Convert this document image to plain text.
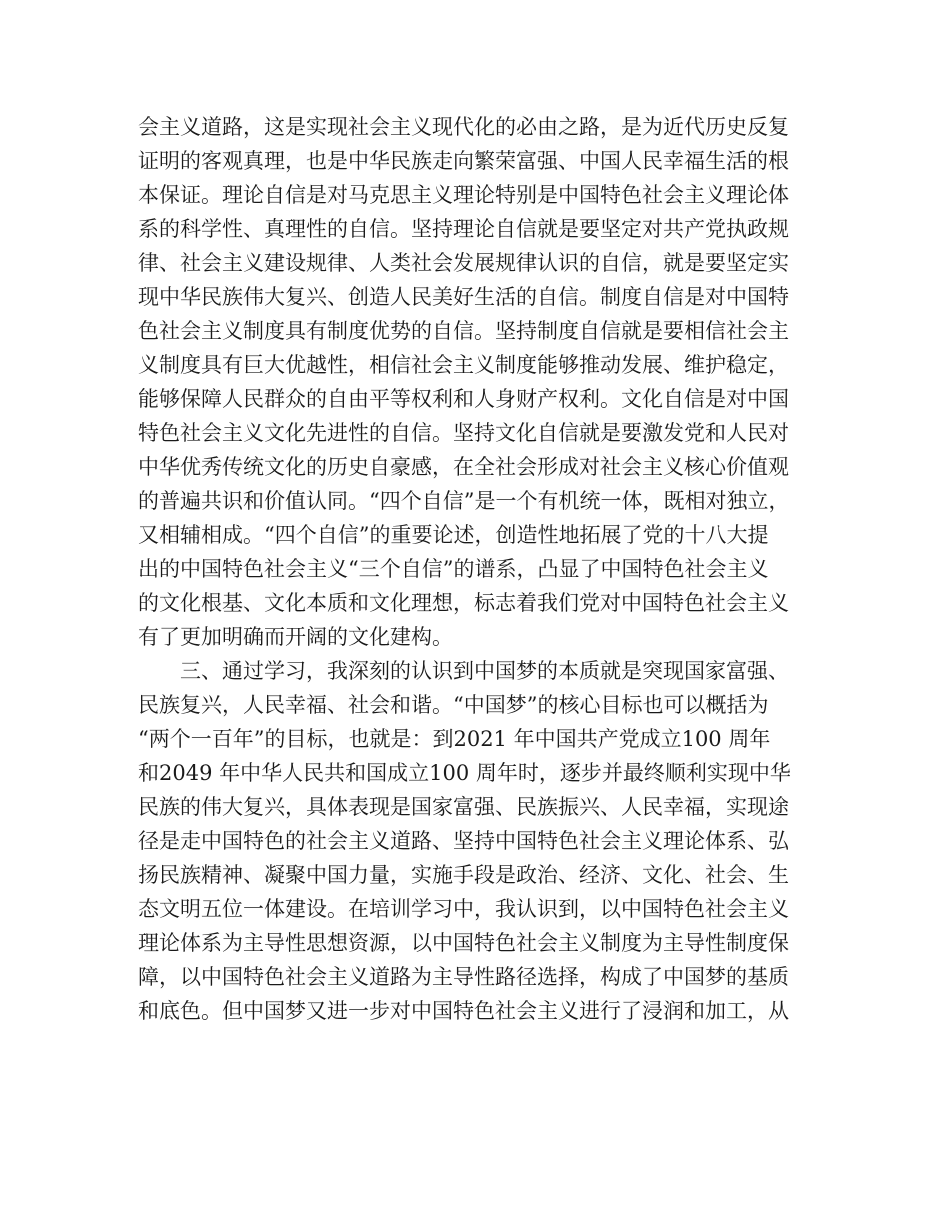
会主义道路，这是实现社会主义现代化的必由之路，是为近代历史反复
证明的客观真理，也是中华民族走向繁荣富强、中国人民幸福生活的根
本保证。理论自信是对马克思主义理论特别是中国特色社会主义理论体
系的科学性、真理性的自信。坚持理论自信就是要坚定对共产党执政规
律、社会主义建设规律、人类社会发展规律认识的自信，就是要坚定实
现中华民族伟大复兴、创造人民美好生活的自信。制度自信是对中国特
色社会主义制度具有制度优势的自信。坚持制度自信就是要相信社会主
义制度具有巨大优越性，相信社会主义制度能够推动发展、维护稳定，
能够保障人民群众的自由平等权利和人身财产权利。文化自信是对中国
特色社会主义文化先进性的自信。坚持文化自信就是要激发党和人民对
中华优秀传统文化的历史自豪感，在全社会形成对社会主义核心价值观
的普遍共识和价值认同。“四个自信”是一个有机统一体，既相对独立，
又相辅相成。“四个自信”的重要论述，创造性地拓展了党的十八大提
出的中国特色社会主义“三个自信”的谱系，凸显了中国特色社会主义
的文化根基、文化本质和文化理想，标志着我们党对中国特色社会主义
有了更加明确而开阔的文化建构。
　　三、通过学习，我深刻的认识到中国梦的本质就是突现国家富强、
民族复兴，人民幸福、社会和谐。“中国梦”的核心目标也可以概括为
“两个一百年”的目标，也就是：到2021 年中国共产党成立100 周年
和2049 年中华人民共和国成立100 周年时，逐步并最终顺利实现中华
民族的伟大复兴，具体表现是国家富强、民族振兴、人民幸福，实现途
径是走中国特色的社会主义道路、坚持中国特色社会主义理论体系、弘
扬民族精神、凝聚中国力量，实施手段是政治、经济、文化、社会、生
态文明五位一体建设。在培训学习中，我认识到，以中国特色社会主义
理论体系为主导性思想资源，以中国特色社会主义制度为主导性制度保
障，以中国特色社会主义道路为主导性路径选择，构成了中国梦的基质
和底色。但中国梦又进一步对中国特色社会主义进行了浸润和加工，从
